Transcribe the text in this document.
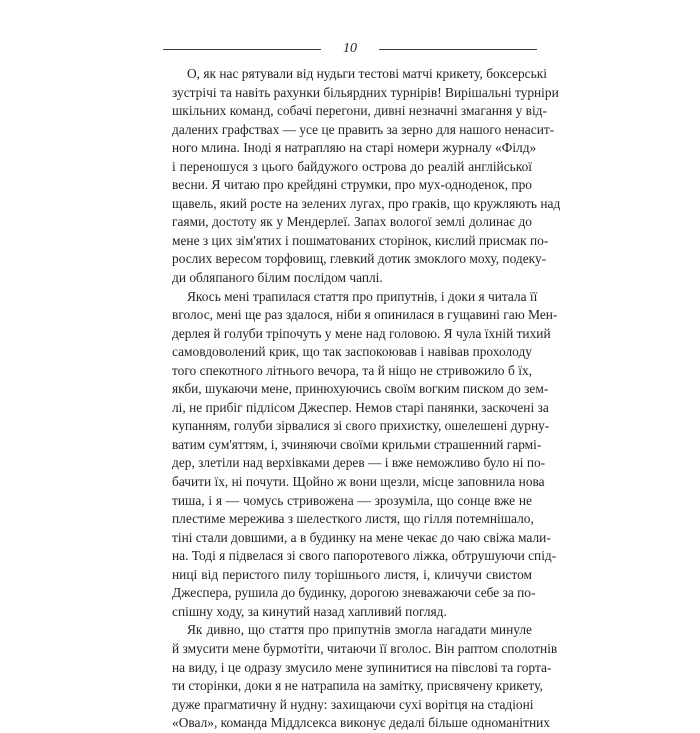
10

О, як нас рятували від нудьги тестові матчі крикету, боксерські
зустрічі та навіть рахунки більярдних турнірів! Вирішальні турніри
шкільних команд, собачі перегони, дивні незначні змагання у від-
далених графствах — усе це править за зерно для нашого ненасит-
ного млина. Іноді я натрапляю на старі номери журналу «Філд»
і переношуся з цього байдужого острова до реалій англійської
весни. Я читаю про крейдяні струмки, про мух-одноденок, про
щавель, який росте на зелених лугах, про граків, що кружляють над
гаями, достоту як у Мендерлеї. Запах вологої землі долинає до
мене з цих зім'ятих і пошматованих сторінок, кислий присмак по-
рослих вересом торфовищ, глевкий дотик змоклого моху, подеку-
ди обляпаного білим послідом чаплі.

Якось мені трапилася стаття про припутнів, і доки я читала її
вголос, мені ще раз здалося, ніби я опинилася в гущавині гаю Мен-
дерлея й голуби тріпочуть у мене над головою. Я чула їхній тихий
самовдоволений крик, що так заспокоював і навівав прохолоду
того спекотного літнього вечора, та й ніщо не стривожило б їх,
якби, шукаючи мене, принюхуючись своїм вогким писком до зем-
лі, не прибіг підлісом Джеспер. Немов старі панянки, заскочені за
купанням, голуби зірвалися зі свого прихистку, ошелешені дурну-
ватим сум'яттям, і, зчиняючи своїми крильми страшенний гармі-
дер, злетіли над верхівками дерев — і вже неможливо було ні по-
бачити їх, ні почути. Щойно ж вони щезли, місце заповнила нова
тиша, і я — чомусь стривожена — зрозуміла, що сонце вже не
плестиме мережива з шелесткого листя, що гілля потемнішало,
тіні стали довшими, а в будинку на мене чекає до чаю свіжа мали-
на. Тоді я підвелася зі свого папоротевого ліжка, обтрушуючи спід-
ниці від перистого пилу торішнього листя, і, кличучи свистом
Джеспера, рушила до будинку, дорогою зневажаючи себе за по-
спішну ходу, за кинутий назад хапливий погляд.

Як дивно, що стаття про припутнів змогла нагадати минуле
й змусити мене бурмотіти, читаючи її вголос. Він раптом сполотнів
на виду, і це одразу змусило мене зупинитися на півслові та горта-
ти сторінки, доки я не натрапила на замітку, присвячену крикету,
дуже прагматичну й нудну: захищаючи сухі ворітця на стадіоні
«Овал», команда Міддлсекса виконує дедалі більше одноманітних
